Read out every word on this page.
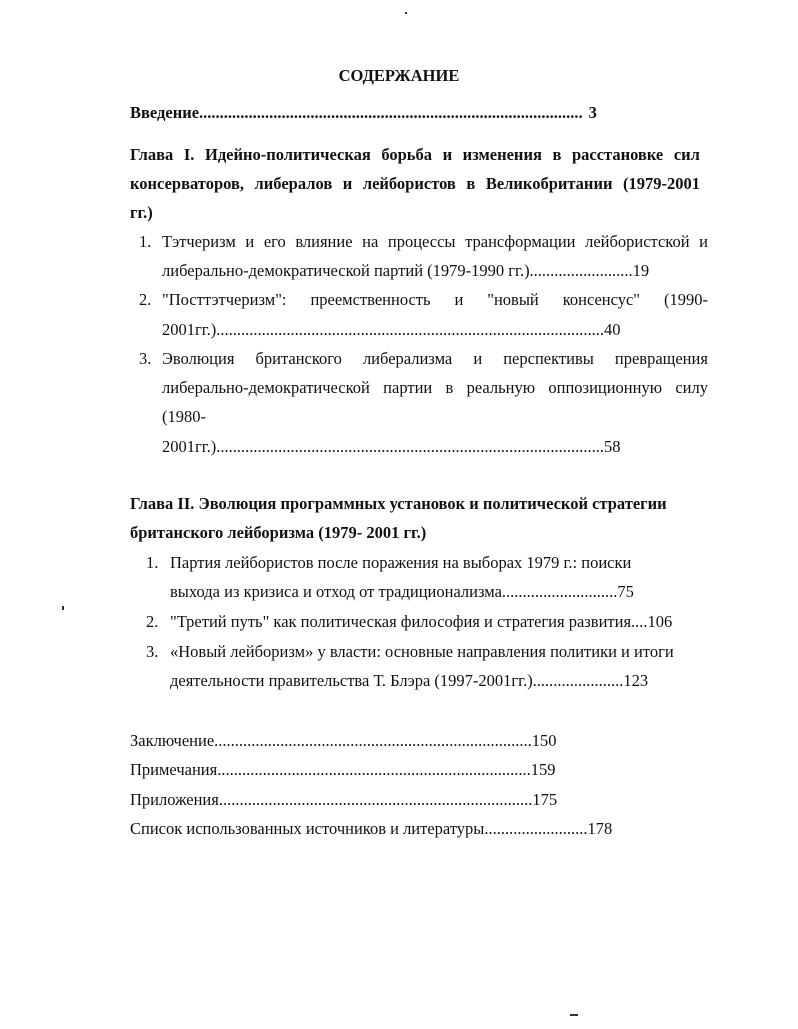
СОДЕРЖАНИЕ
Введение............................................................................................. 3
Глава I. Идейно-политическая борьба и изменения в расстановке сил
консерваторов, либералов и лейбористов в Великобритании (1979-2001
гг.)
1. Тэтчеризм и его влияние на процессы трансформации лейбористской и
либерально-демократической партий (1979-1990 гг.).........................19
2. "Посттэтчеризм": преемственность и "новый консенсус" (1990-
2001гг.)..............................................................................................40
3. Эволюция британского либерализма и перспективы превращения
либерально-демократической партии в реальную оппозиционную силу
(1980-
2001гг.)..............................................................................................58
Глава II. Эволюция программных установок и политической стратегии
британского лейборизма (1979- 2001 гг.)
1. Партия лейбористов после поражения на выборах 1979 г.: поиски
выхода из кризиса и отход от традиционализма............................75
2. "Третий путь" как политическая философия и стратегия развития....106
3. «Новый лейборизм» у власти: основные направления политики и итоги
деятельности правительства Т. Блэра (1997-2001гг.)......................123
Заключение.............................................................................150
Примечания............................................................................159
Приложения............................................................................175
Список использованных источников и литературы.........................178
